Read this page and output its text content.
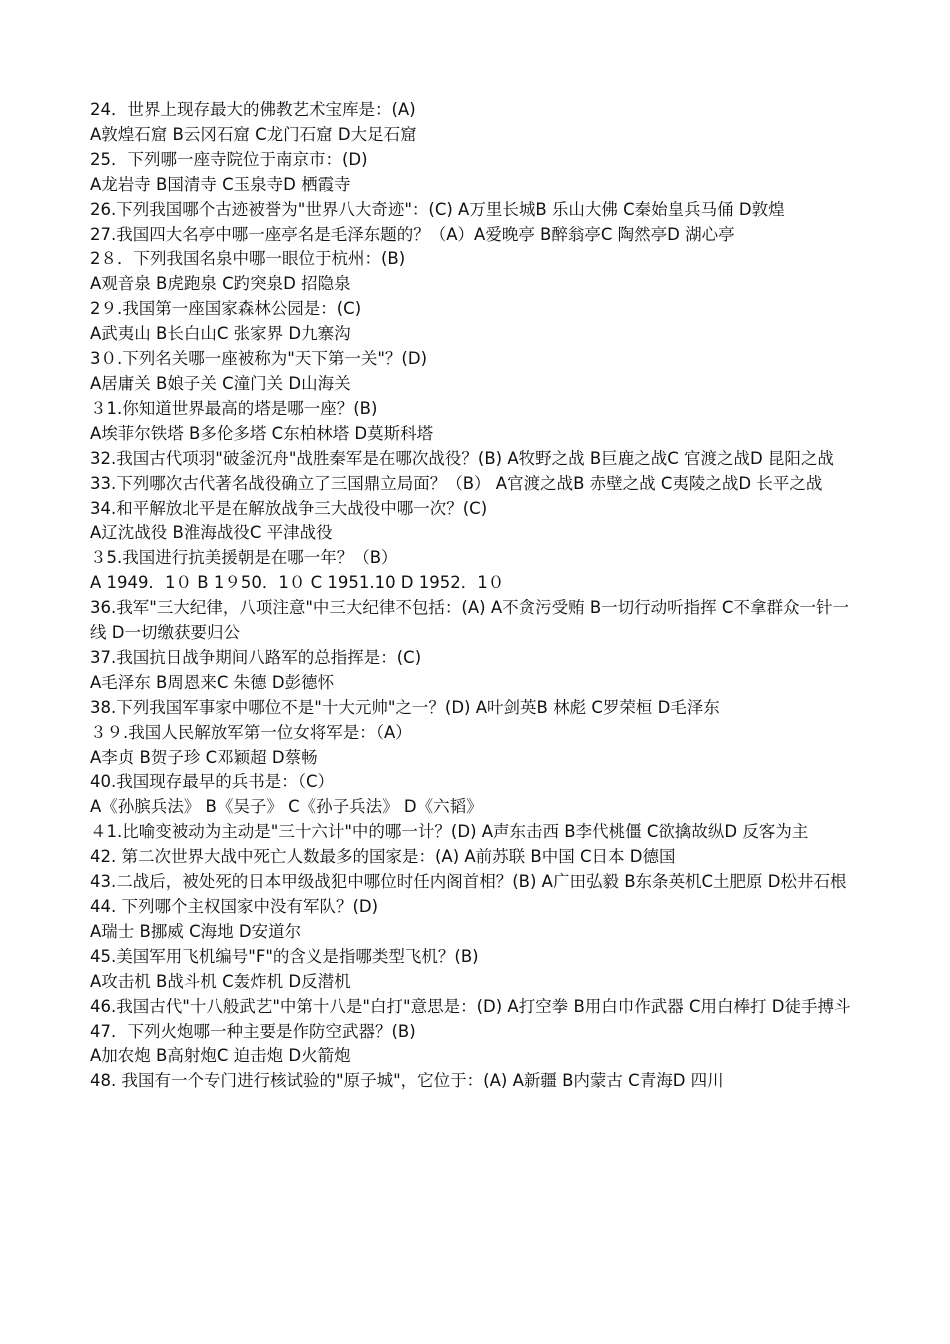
24．世界上现存最大的佛教艺术宝库是：(A)

A敦煌石窟 B云冈石窟 C龙门石窟 D大足石窟

25．下列哪一座寺院位于南京市：(D)

A龙岩寺 B国清寺 C玉泉寺D 栖霞寺

26.下列我国哪个古迹被誉为"世界八大奇迹"：(C) A万里长城B 乐山大佛 C秦始皇兵马俑 D敦煌

27.我国四大名亭中哪一座亭名是毛泽东题的？（A）A爱晚亭 B醉翁亭C 陶然亭D 湖心亭

2８．下列我国名泉中哪一眼位于杭州：(B)

A观音泉 B虎跑泉 C趵突泉D 招隐泉

2９.我国第一座国家森林公园是：(C)

A武夷山 B长白山C 张家界 D九寨沟

3０.下列名关哪一座被称为"天下第一关"？(D)

A居庸关 B娘子关 C潼门关 D山海关

３1.你知道世界最高的塔是哪一座？(B)

A埃菲尔铁塔 B多伦多塔 C东柏林塔 D莫斯科塔

32.我国古代项羽"破釜沉舟"战胜秦军是在哪次战役？(B) A牧野之战 B巨鹿之战C 官渡之战D 昆阳之战

33.下列哪次古代著名战役确立了三国鼎立局面？（B） A官渡之战B 赤壁之战 C夷陵之战D 长平之战

34.和平解放北平是在解放战争三大战役中哪一次？(C)

A辽沈战役 B淮海战役C 平津战役

３5.我国进行抗美援朝是在哪一年？（B）

A 1949．1０ B 1９50．1０ C 1951.10 D 1952．1０

36.我军"三大纪律，八项注意"中三大纪律不包括：(A) A不贪污受贿 B一切行动听指挥 C不拿群众一针一线 D一切缴获要归公

37.我国抗日战争期间八路军的总指挥是：(C)

A毛泽东 B周恩来C 朱德 D彭德怀

38.下列我国军事家中哪位不是"十大元帅"之一？(D) A叶剑英B 林彪 C罗荣桓 D毛泽东

３９.我国人民解放军第一位女将军是：（A）

A李贞 B贺子珍 C邓颖超 D蔡畅

40.我国现存最早的兵书是：（C）

A《孙膑兵法》 B《吴子》 C《孙子兵法》 D《六韬》

４1.比喻变被动为主动是"三十六计"中的哪一计？(D) A声东击西 B李代桃僵 C欲擒故纵D 反客为主

42. 第二次世界大战中死亡人数最多的国家是：(A) A前苏联 B中国 C日本 D德国

43.二战后，被处死的日本甲级战犯中哪位时任内阁首相？(B) A广田弘毅 B东条英机C土肥原 D松井石根

44. 下列哪个主权国家中没有军队？(D)

A瑞士 B挪威 C海地 D安道尔

45.美国军用飞机编号"F"的含义是指哪类型飞机？(B)

A攻击机 B战斗机 C轰炸机 D反潜机

46.我国古代"十八般武艺"中第十八是"白打"意思是：(D) A打空拳 B用白巾作武器 C用白棒打 D徒手搏斗

47．下列火炮哪一种主要是作防空武器？(B)

A加农炮 B高射炮C 迫击炮 D火箭炮

48. 我国有一个专门进行核试验的"原子城"，它位于：(A) A新疆 B内蒙古 C青海D 四川
